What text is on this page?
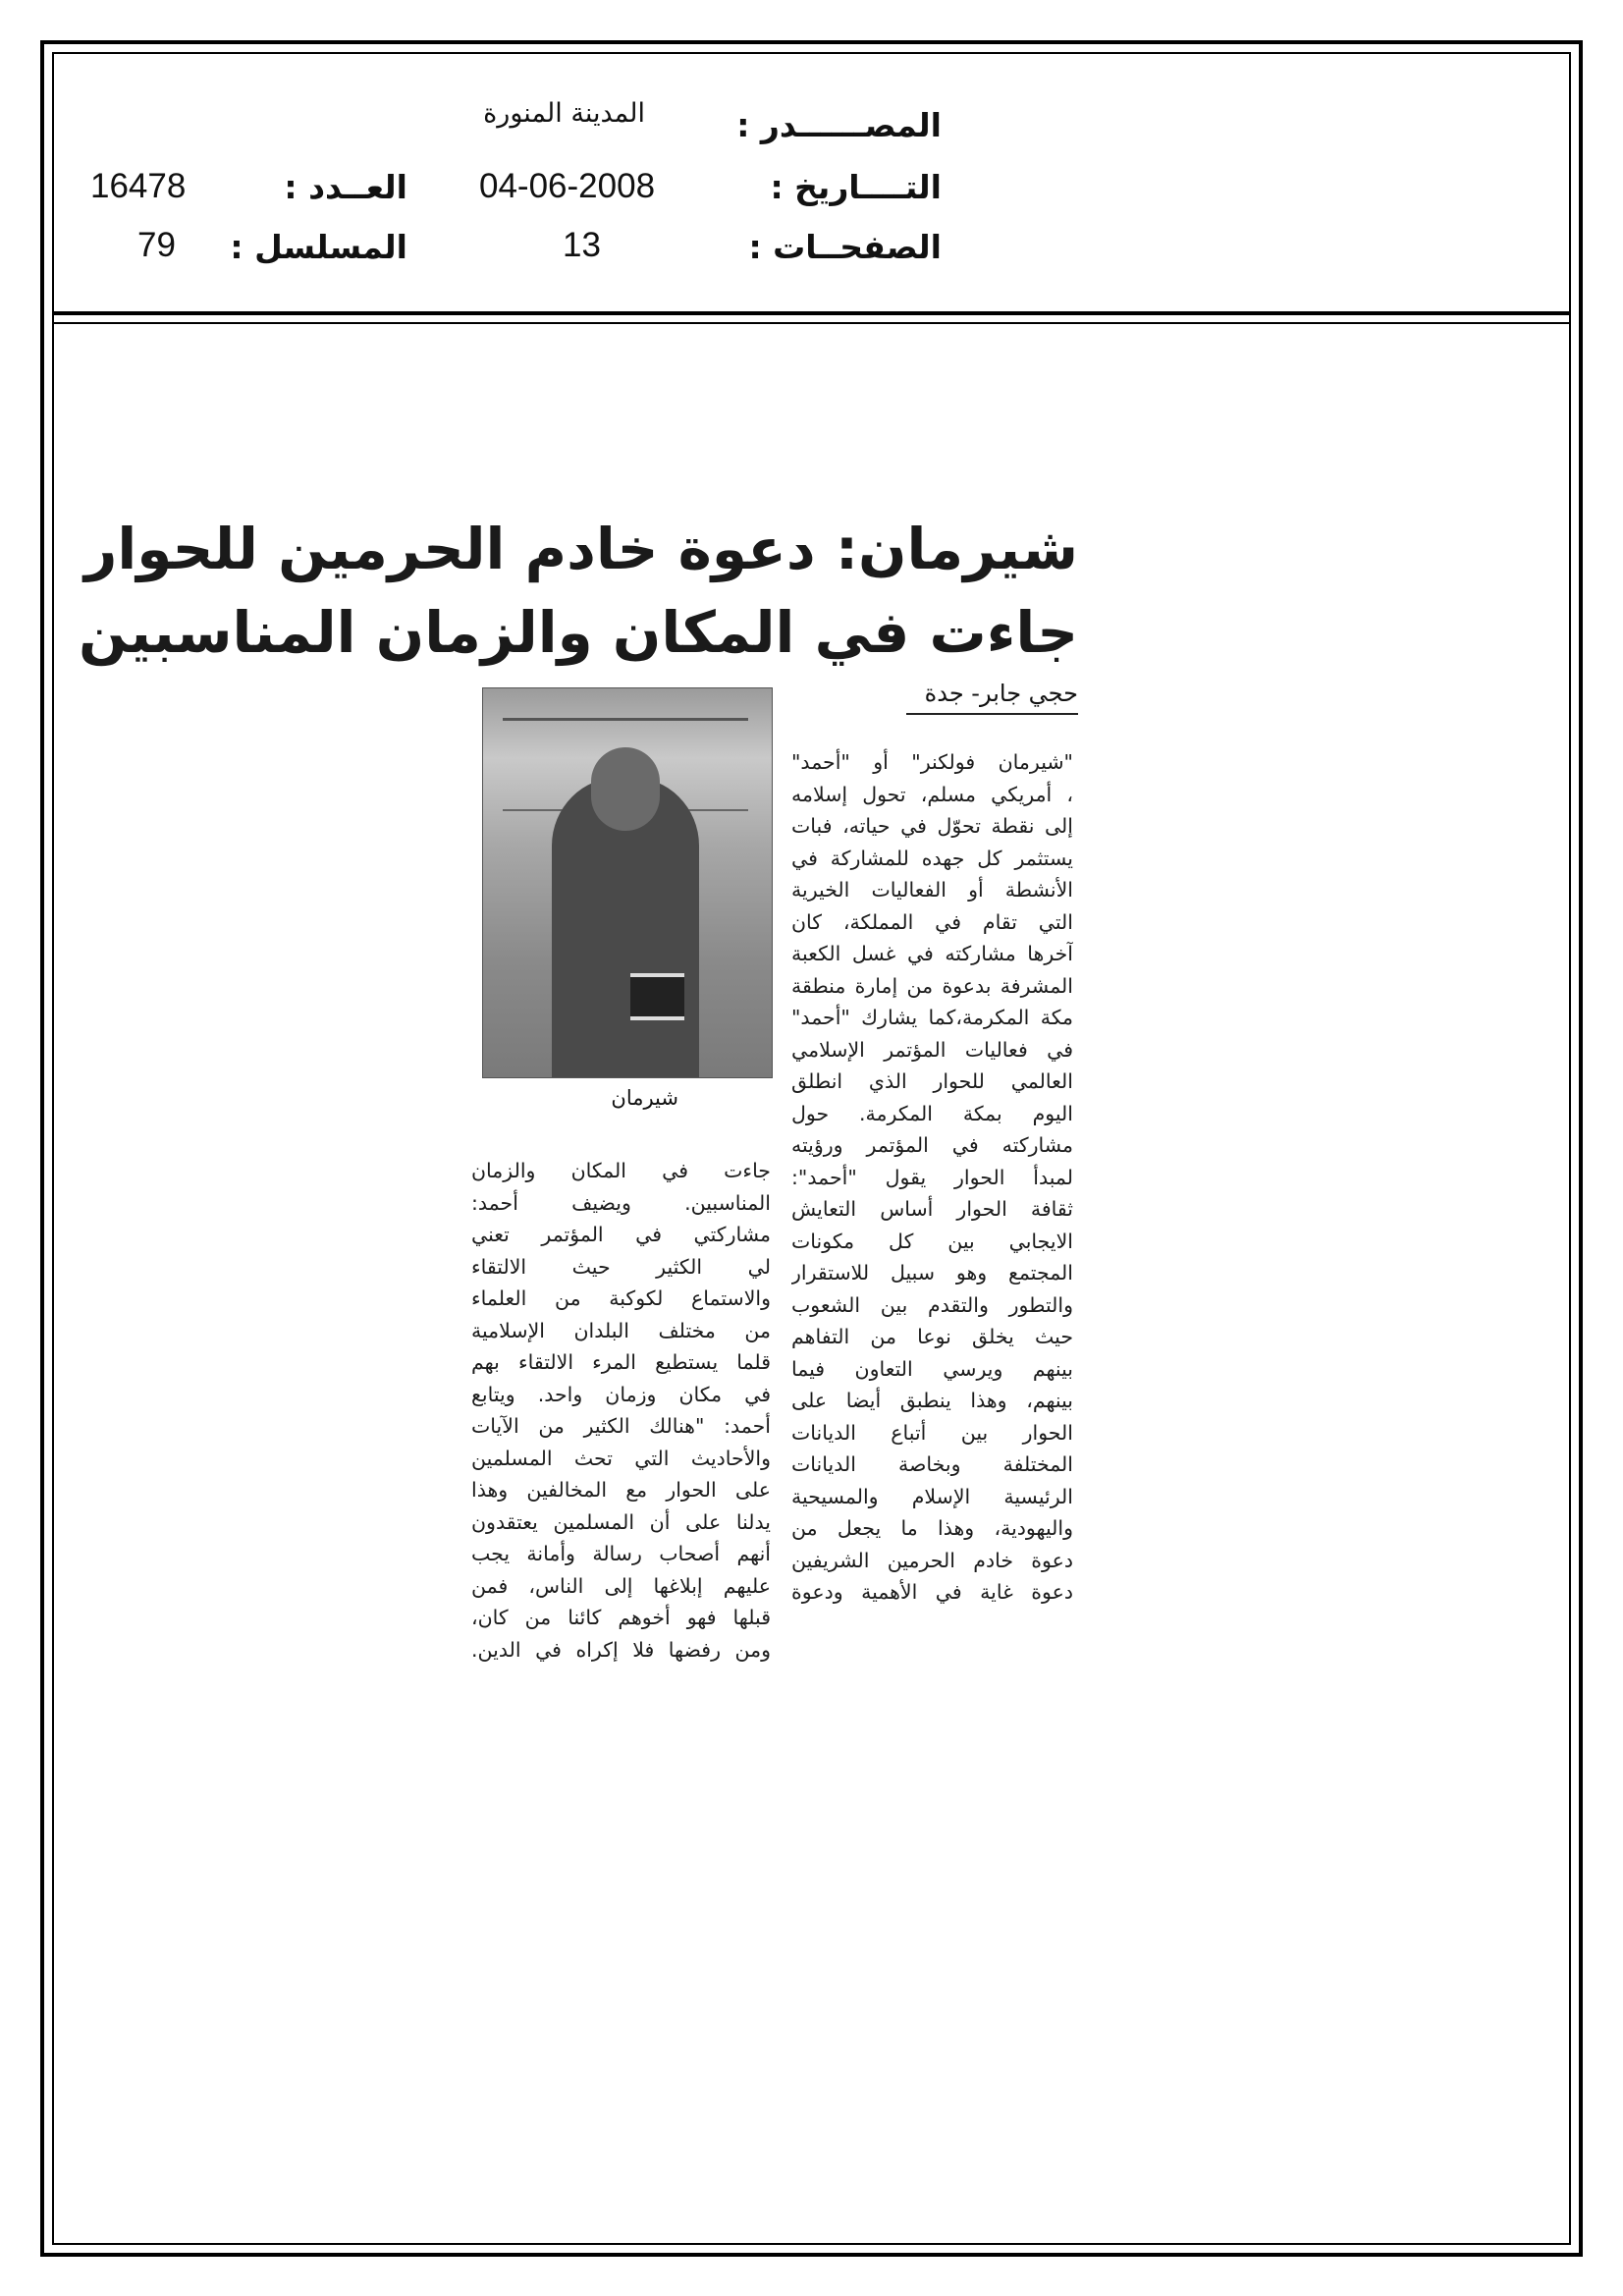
المصــــــدر :
التــــاريخ :
الصفحــات :
العــدد :
المسلسل :
المدينة المنورة
04-06-2008
13
16478
79
شيرمان: دعوة خادم الحرمين للحوار
جاءت في المكان والزمان المناسبين
حجي جابر- جدة
شيرمان
"شيرمان فولكنر" أو "أحمد"
، أمريكي مسلم، تحول إسلامه
إلى نقطة تحوّل في حياته، فبات
يستثمر كل جهده للمشاركة في
الأنشطة أو الفعاليات الخيرية
التي تقام في المملكة، كان
آخرها مشاركته في غسل الكعبة
المشرفة بدعوة من إمارة منطقة
مكة المكرمة،كما يشارك "أحمد"
في فعاليات المؤتمر الإسلامي
العالمي للحوار الذي انطلق
اليوم بمكة المكرمة. حول
مشاركته في المؤتمر ورؤيته
لمبدأ الحوار يقول "أحمد":
ثقافة الحوار أساس التعايش
الايجابي بين كل مكونات
المجتمع وهو سبيل للاستقرار
والتطور والتقدم بين الشعوب
حيث يخلق نوعا من التفاهم
بينهم ويرسي التعاون فيما
بينهم، وهذا ينطبق أيضا على
الحوار بين أتباع الديانات
المختلفة وبخاصة الديانات
الرئيسية الإسلام والمسيحية
واليهودية، وهذا ما يجعل من
دعوة خادم الحرمين الشريفين
دعوة غاية في الأهمية ودعوة
جاءت في المكان والزمان
المناسبين. ويضيف أحمد:
مشاركتي في المؤتمر تعني
لي الكثير حيث الالتقاء
والاستماع لكوكبة من العلماء
من مختلف البلدان الإسلامية
قلما يستطيع المرء الالتقاء بهم
في مكان وزمان واحد. ويتابع
أحمد: "هنالك الكثير من الآيات
والأحاديث التي تحث المسلمين
على الحوار مع المخالفين وهذا
يدلنا على أن المسلمين يعتقدون
أنهم أصحاب رسالة وأمانة يجب
عليهم إبلاغها إلى الناس، فمن
قبلها فهو أخوهم كائنا من كان،
ومن رفضها فلا إكراه في الدين.
